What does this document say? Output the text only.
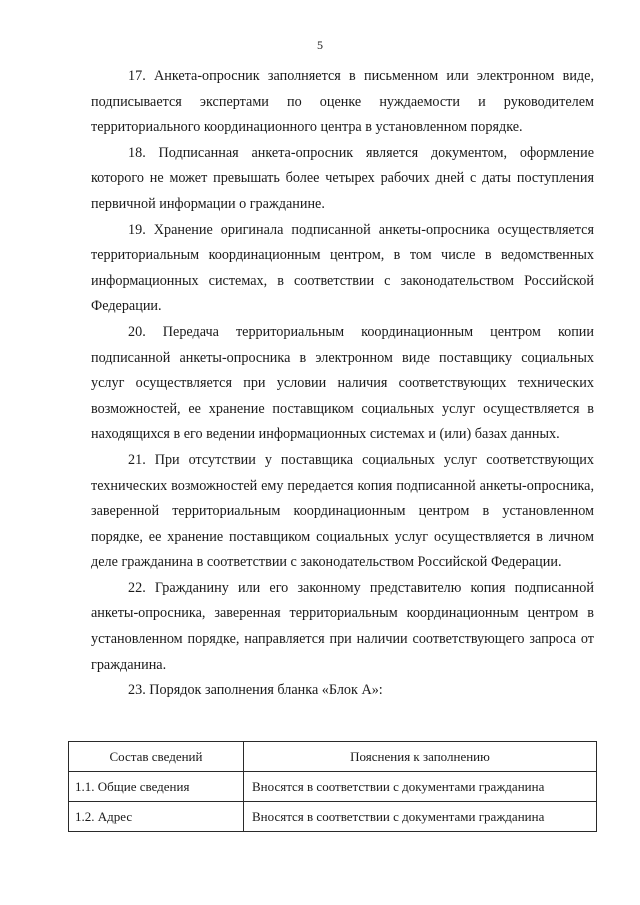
5

17. Анкета-опросник заполняется в письменном или электронном виде, подписывается экспертами по оценке нуждаемости и руководителем территориального координационного центра в установленном порядке.

18. Подписанная анкета-опросник является документом, оформление которого не может превышать более четырех рабочих дней с даты поступления первичной информации о гражданине.

19. Хранение оригинала подписанной анкеты-опросника осуществляется территориальным координационным центром, в том числе в ведомственных информационных системах, в соответствии с законодательством Российской Федерации.

20. Передача территориальным координационным центром копии подписанной анкеты-опросника в электронном виде поставщику социальных услуг осуществляется при условии наличия соответствующих технических возможностей, ее хранение поставщиком социальных услуг осуществляется в находящихся в его ведении информационных системах и (или) базах данных.

21. При отсутствии у поставщика социальных услуг соответствующих технических возможностей ему передается копия подписанной анкеты-опросника, заверенной территориальным координационным центром в установленном порядке, ее хранение поставщиком социальных услуг осуществляется в личном деле гражданина в соответствии с законодательством Российской Федерации.

22. Гражданину или его законному представителю копия подписанной анкеты-опросника, заверенная территориальным координационным центром в установленном порядке, направляется при наличии соответствующего запроса от гражданина.

23. Порядок заполнения бланка «Блок А»:

Состав сведений	Пояснения к заполнению
1.1. Общие сведения	Вносятся в соответствии с документами гражданина
1.2. Адрес	Вносятся в соответствии с документами гражданина
